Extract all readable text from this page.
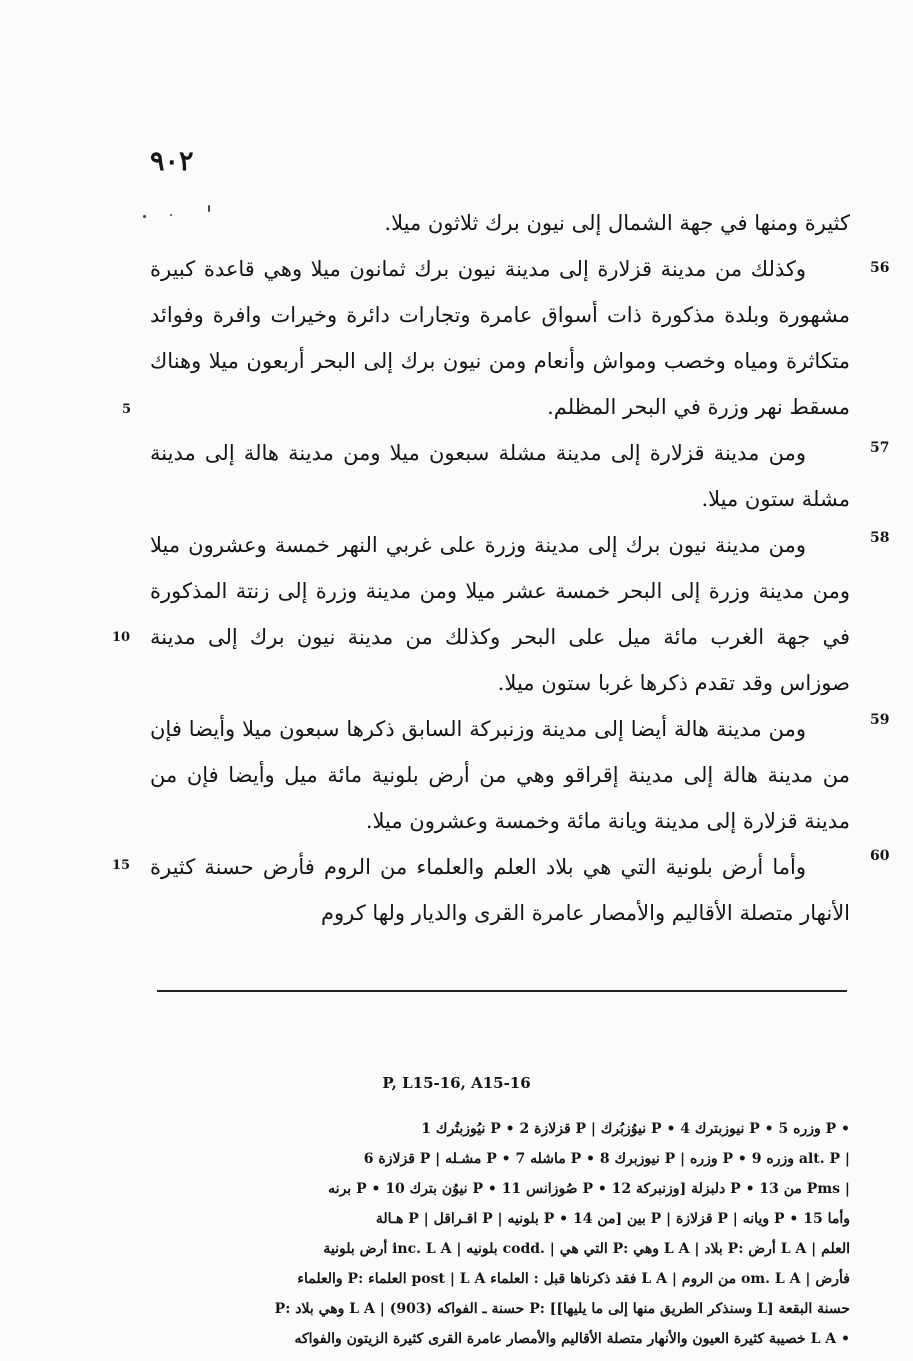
٩٠٢

كثيرة ومنها في جهة الشمال إلى نيون برك ثلاثون ميلا.

وكذلك من مدينة قزلارة إلى مدينة نيون برك ثمانون ميلا وهي قاعدة كبيرة مشهورة وبلدة مذكورة ذات أسواق عامرة وتجارات دائرة وخيرات وافرة وفوائد متكاثرة ومياه وخصب ومواش وأنعام ومن نيون برك إلى البحر أربعون ميلا وهناك مسقط نهر وزرة في البحر المظلم.

ومن مدينة قزلارة إلى مدينة مشلة سبعون ميلا ومن مدينة هالة إلى مدينة مشلة ستون ميلا.

ومن مدينة نيون برك إلى مدينة وزرة على غربي النهر خمسة وعشرون ميلا ومن مدينة وزرة إلى البحر خمسة عشر ميلا ومن مدينة وزرة إلى زنتة المذكورة في جهة الغرب مائة ميل على البحر وكذلك من مدينة نيون برك إلى مدينة صوزاس وقد تقدم ذكرها غربا ستون ميلا.

ومن مدينة هالة أيضا إلى مدينة وزنبركة السابق ذكرها سبعون ميلا وأيضا فإن من مدينة هالة إلى مدينة إقراقو وهي من أرض بلونية مائة ميل وأيضا فإن من مدينة قزلارة إلى مدينة ويانة مائة وخمسة وعشرون ميلا.

وأما أرض بلونية التي هي بلاد العلم والعلماء من الروم فأرض حسنة كثيرة الأنهار متصلة الأقاليم والأمصار عامرة القرى والديار ولها كروم

56
57
58
59
60
5
10
15
P, L15-16, A15-16
• P وزره 5 • P نيوزبترك 4 • P نيوُزبُرك | P قزلازة 2 • P نيُوزبتُرك 1
| alt. P وزره 9 • P وزره | P نيوزبرك 8 • P ماشله 7 • P مشـله | P قزلازة 6
| Pms من 13 • P دلبزلة [وزنبركة 12 • P صُوزانس 11 • P نيوُن بترك 10 • P برنه
وأما 15 • P ويانه | P قزلازة | P بين [من 14 • P بلونيه | P اقـراقل | P هـالة
العلم | L A أرض :P بلاد | L A وهي :P التي هي | .codd بلونيه | inc. L A أرض بلونية
فأرض | om. L A من الروم | L A فقد ذكرناها قبل : العلماء post | L A العلماء :P والعلماء
حسنة البقعة [L وسنذكر الطريق منها إلى ما يليها]] :P حسنة ـ الفواكه (903) | L A وهي بلاد :P
• L A خصيبة كثيرة العيون والأنهار متصلة الأقاليم والأمصار عامرة القرى كثيرة الزيتون والفواكه
